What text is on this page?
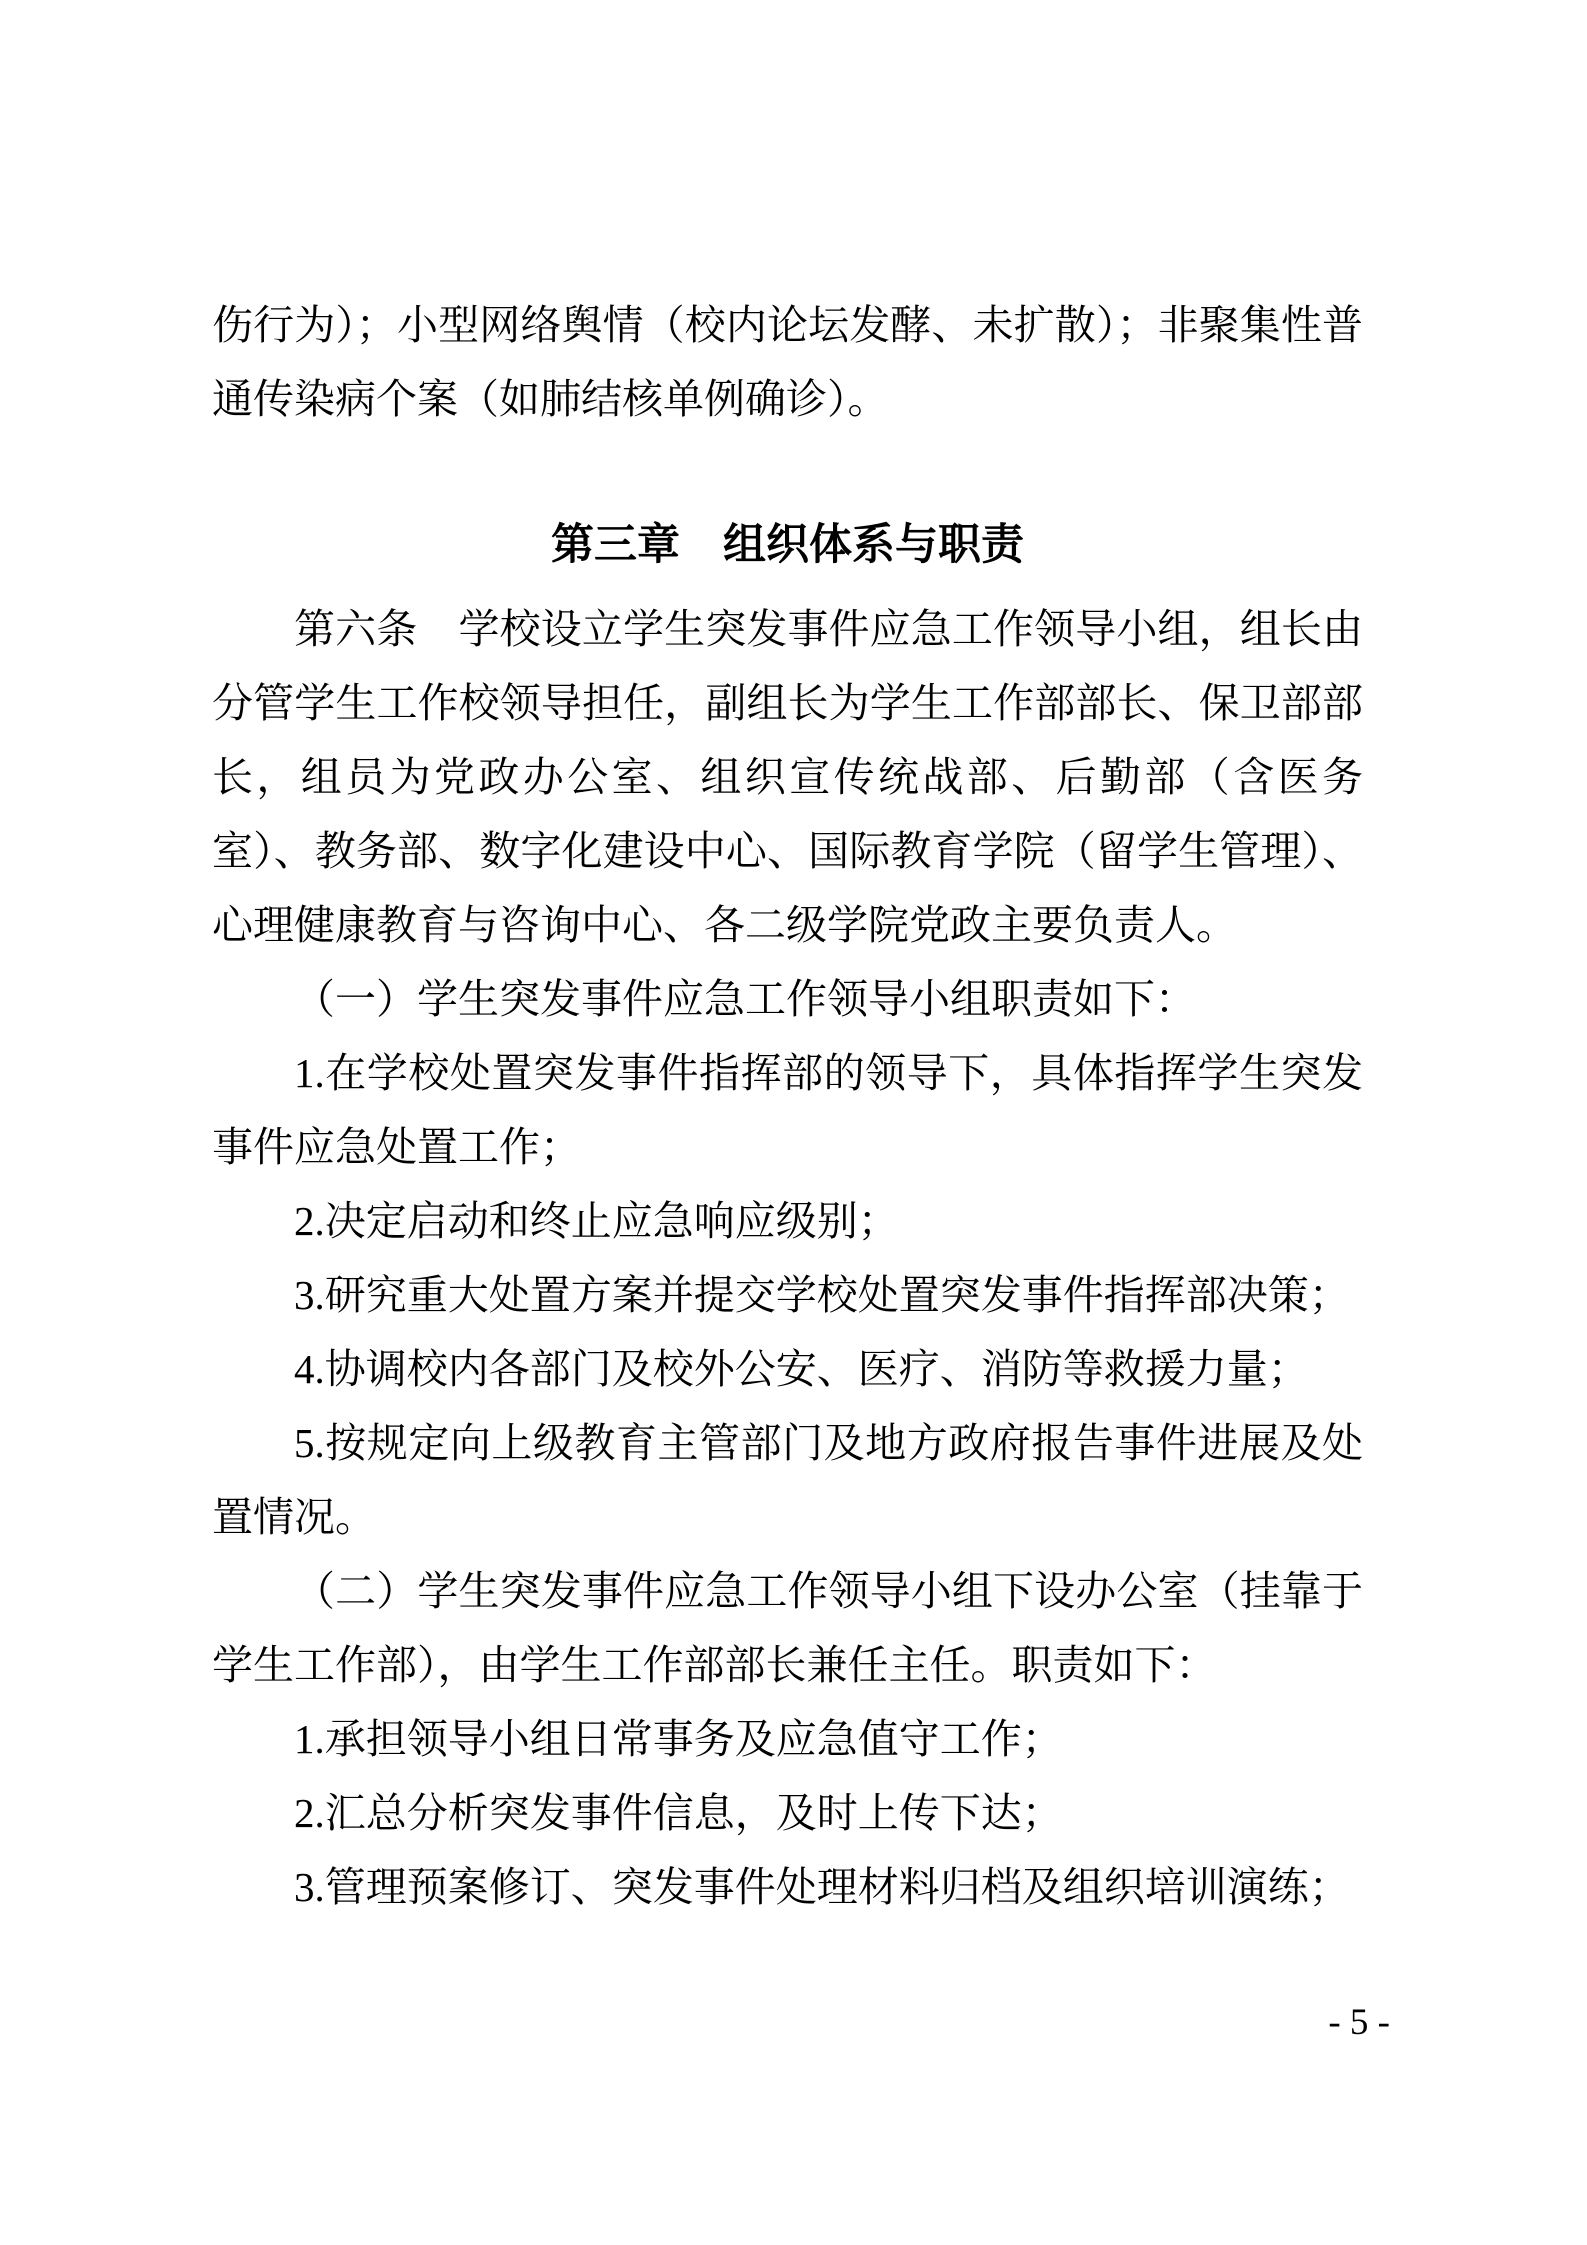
伤行为）；小型网络舆情（校内论坛发酵、未扩散）；非聚集性普通传染病个案（如肺结核单例确诊）。

第三章　组织体系与职责

第六条　学校设立学生突发事件应急工作领导小组，组长由分管学生工作校领导担任，副组长为学生工作部部长、保卫部部长，组员为党政办公室、组织宣传统战部、后勤部（含医务室）、教务部、数字化建设中心、国际教育学院（留学生管理）、心理健康教育与咨询中心、各二级学院党政主要负责人。

（一）学生突发事件应急工作领导小组职责如下：

1.在学校处置突发事件指挥部的领导下，具体指挥学生突发事件应急处置工作；

2.决定启动和终止应急响应级别；

3.研究重大处置方案并提交学校处置突发事件指挥部决策；

4.协调校内各部门及校外公安、医疗、消防等救援力量；

5.按规定向上级教育主管部门及地方政府报告事件进展及处置情况。

（二）学生突发事件应急工作领导小组下设办公室（挂靠于学生工作部），由学生工作部部长兼任主任。职责如下：

1.承担领导小组日常事务及应急值守工作；

2.汇总分析突发事件信息，及时上传下达；

3.管理预案修订、突发事件处理材料归档及组织培训演练；

- 5 -
